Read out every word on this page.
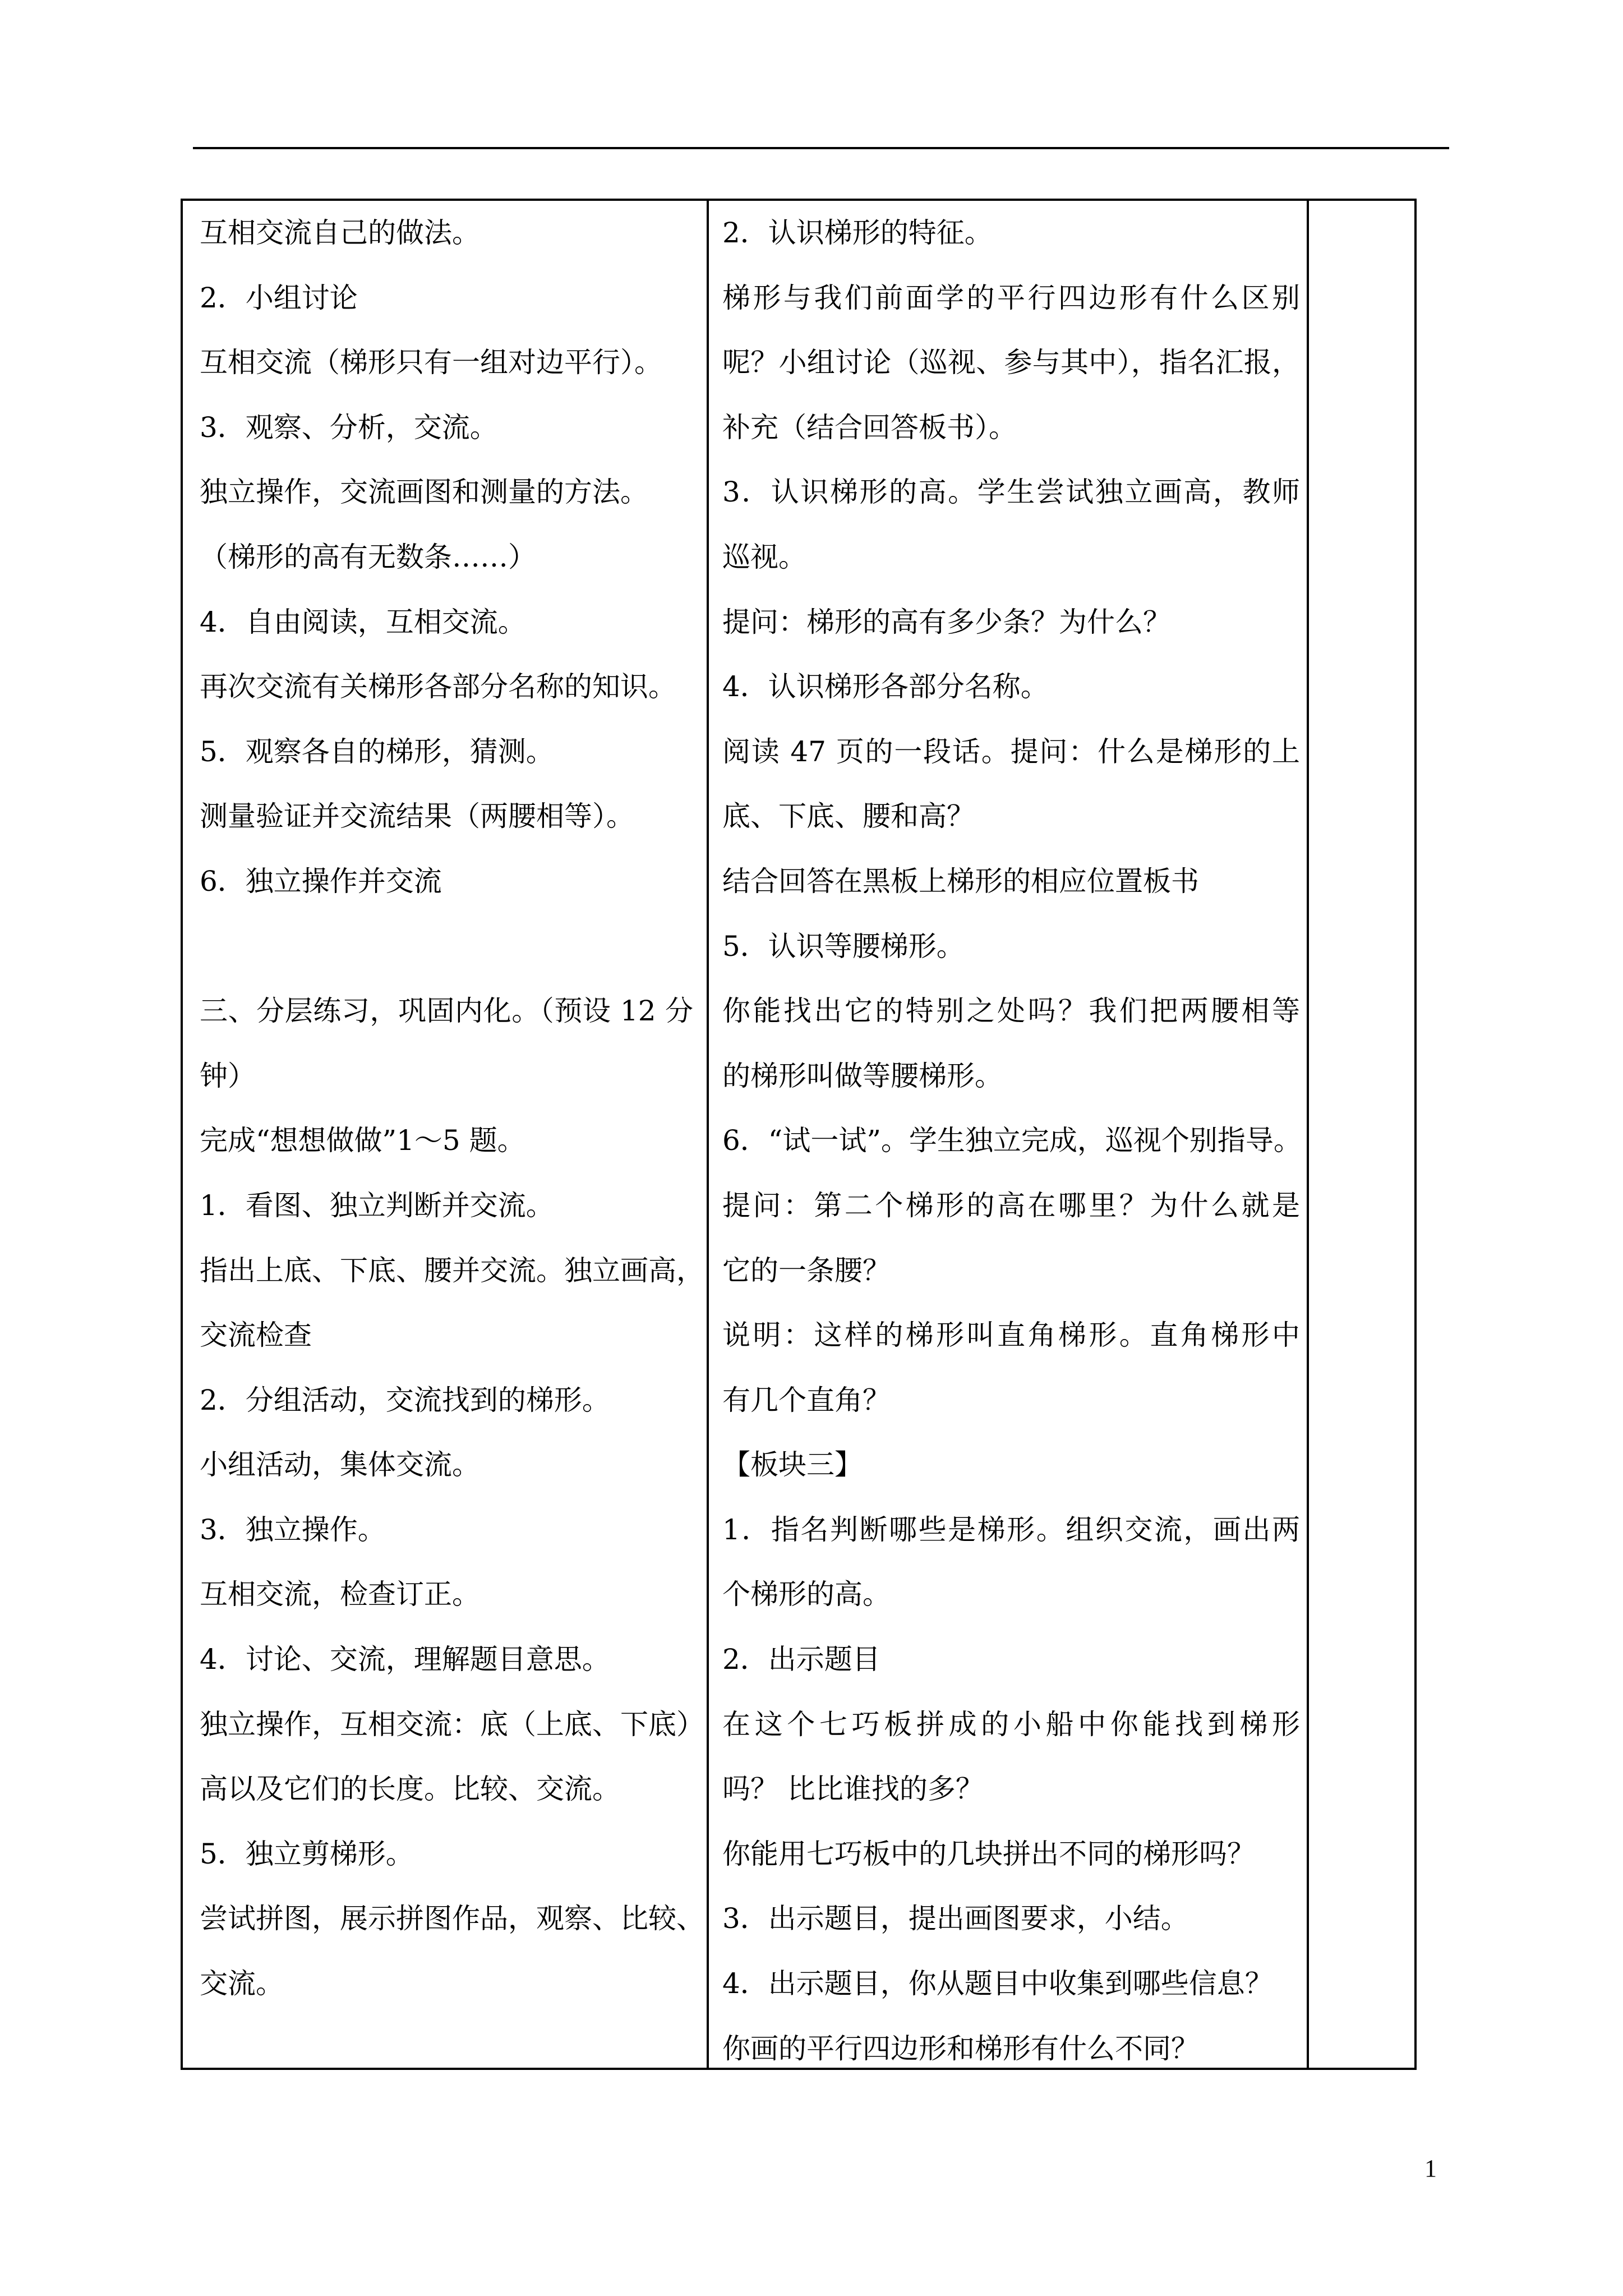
互相交流自己的做法。
2．小组讨论
互相交流（梯形只有一组对边平行）。
3．观察、分析，交流。
独立操作，交流画图和测量的方法。
（梯形的高有无数条……）
4．自由阅读，互相交流。
再次交流有关梯形各部分名称的知识。
5．观察各自的梯形，猜测。
测量验证并交流结果（两腰相等）。
6．独立操作并交流
三、分层练习，巩固内化。（预设 12 分
钟）
完成“想想做做”1～5 题。
1．看图、独立判断并交流。
指出上底、下底、腰并交流。独立画高，
交流检查
2．分组活动，交流找到的梯形。
小组活动，集体交流。
3．独立操作。
互相交流，检查订正。
4．讨论、交流，理解题目意思。
独立操作，互相交流：底（上底、下底）
高以及它们的长度。比较、交流。
5．独立剪梯形。
尝试拼图，展示拼图作品，观察、比较、
交流。
2．认识梯形的特征。
梯形与我们前面学的平行四边形有什么区别
呢？小组讨论（巡视、参与其中），指名汇报，
补充（结合回答板书）。
3．认识梯形的高。学生尝试独立画高，教师
巡视。
提问：梯形的高有多少条？为什么？
4．认识梯形各部分名称。
阅读 47 页的一段话。提问：什么是梯形的上
底、下底、腰和高？
结合回答在黑板上梯形的相应位置板书
5．认识等腰梯形。
你能找出它的特别之处吗？我们把两腰相等
的梯形叫做等腰梯形。
6．“试一试”。学生独立完成，巡视个别指导。
提问：第二个梯形的高在哪里？为什么就是
它的一条腰？
说明：这样的梯形叫直角梯形。直角梯形中
有几个直角？
【板块三】
1．指名判断哪些是梯形。组织交流，画出两
个梯形的高。
2．出示题目
在这个七巧板拼成的小船中你能找到梯形
吗？ 比比谁找的多？
你能用七巧板中的几块拼出不同的梯形吗？
3．出示题目，提出画图要求，小结。
4．出示题目，你从题目中收集到哪些信息？
你画的平行四边形和梯形有什么不同？
1
